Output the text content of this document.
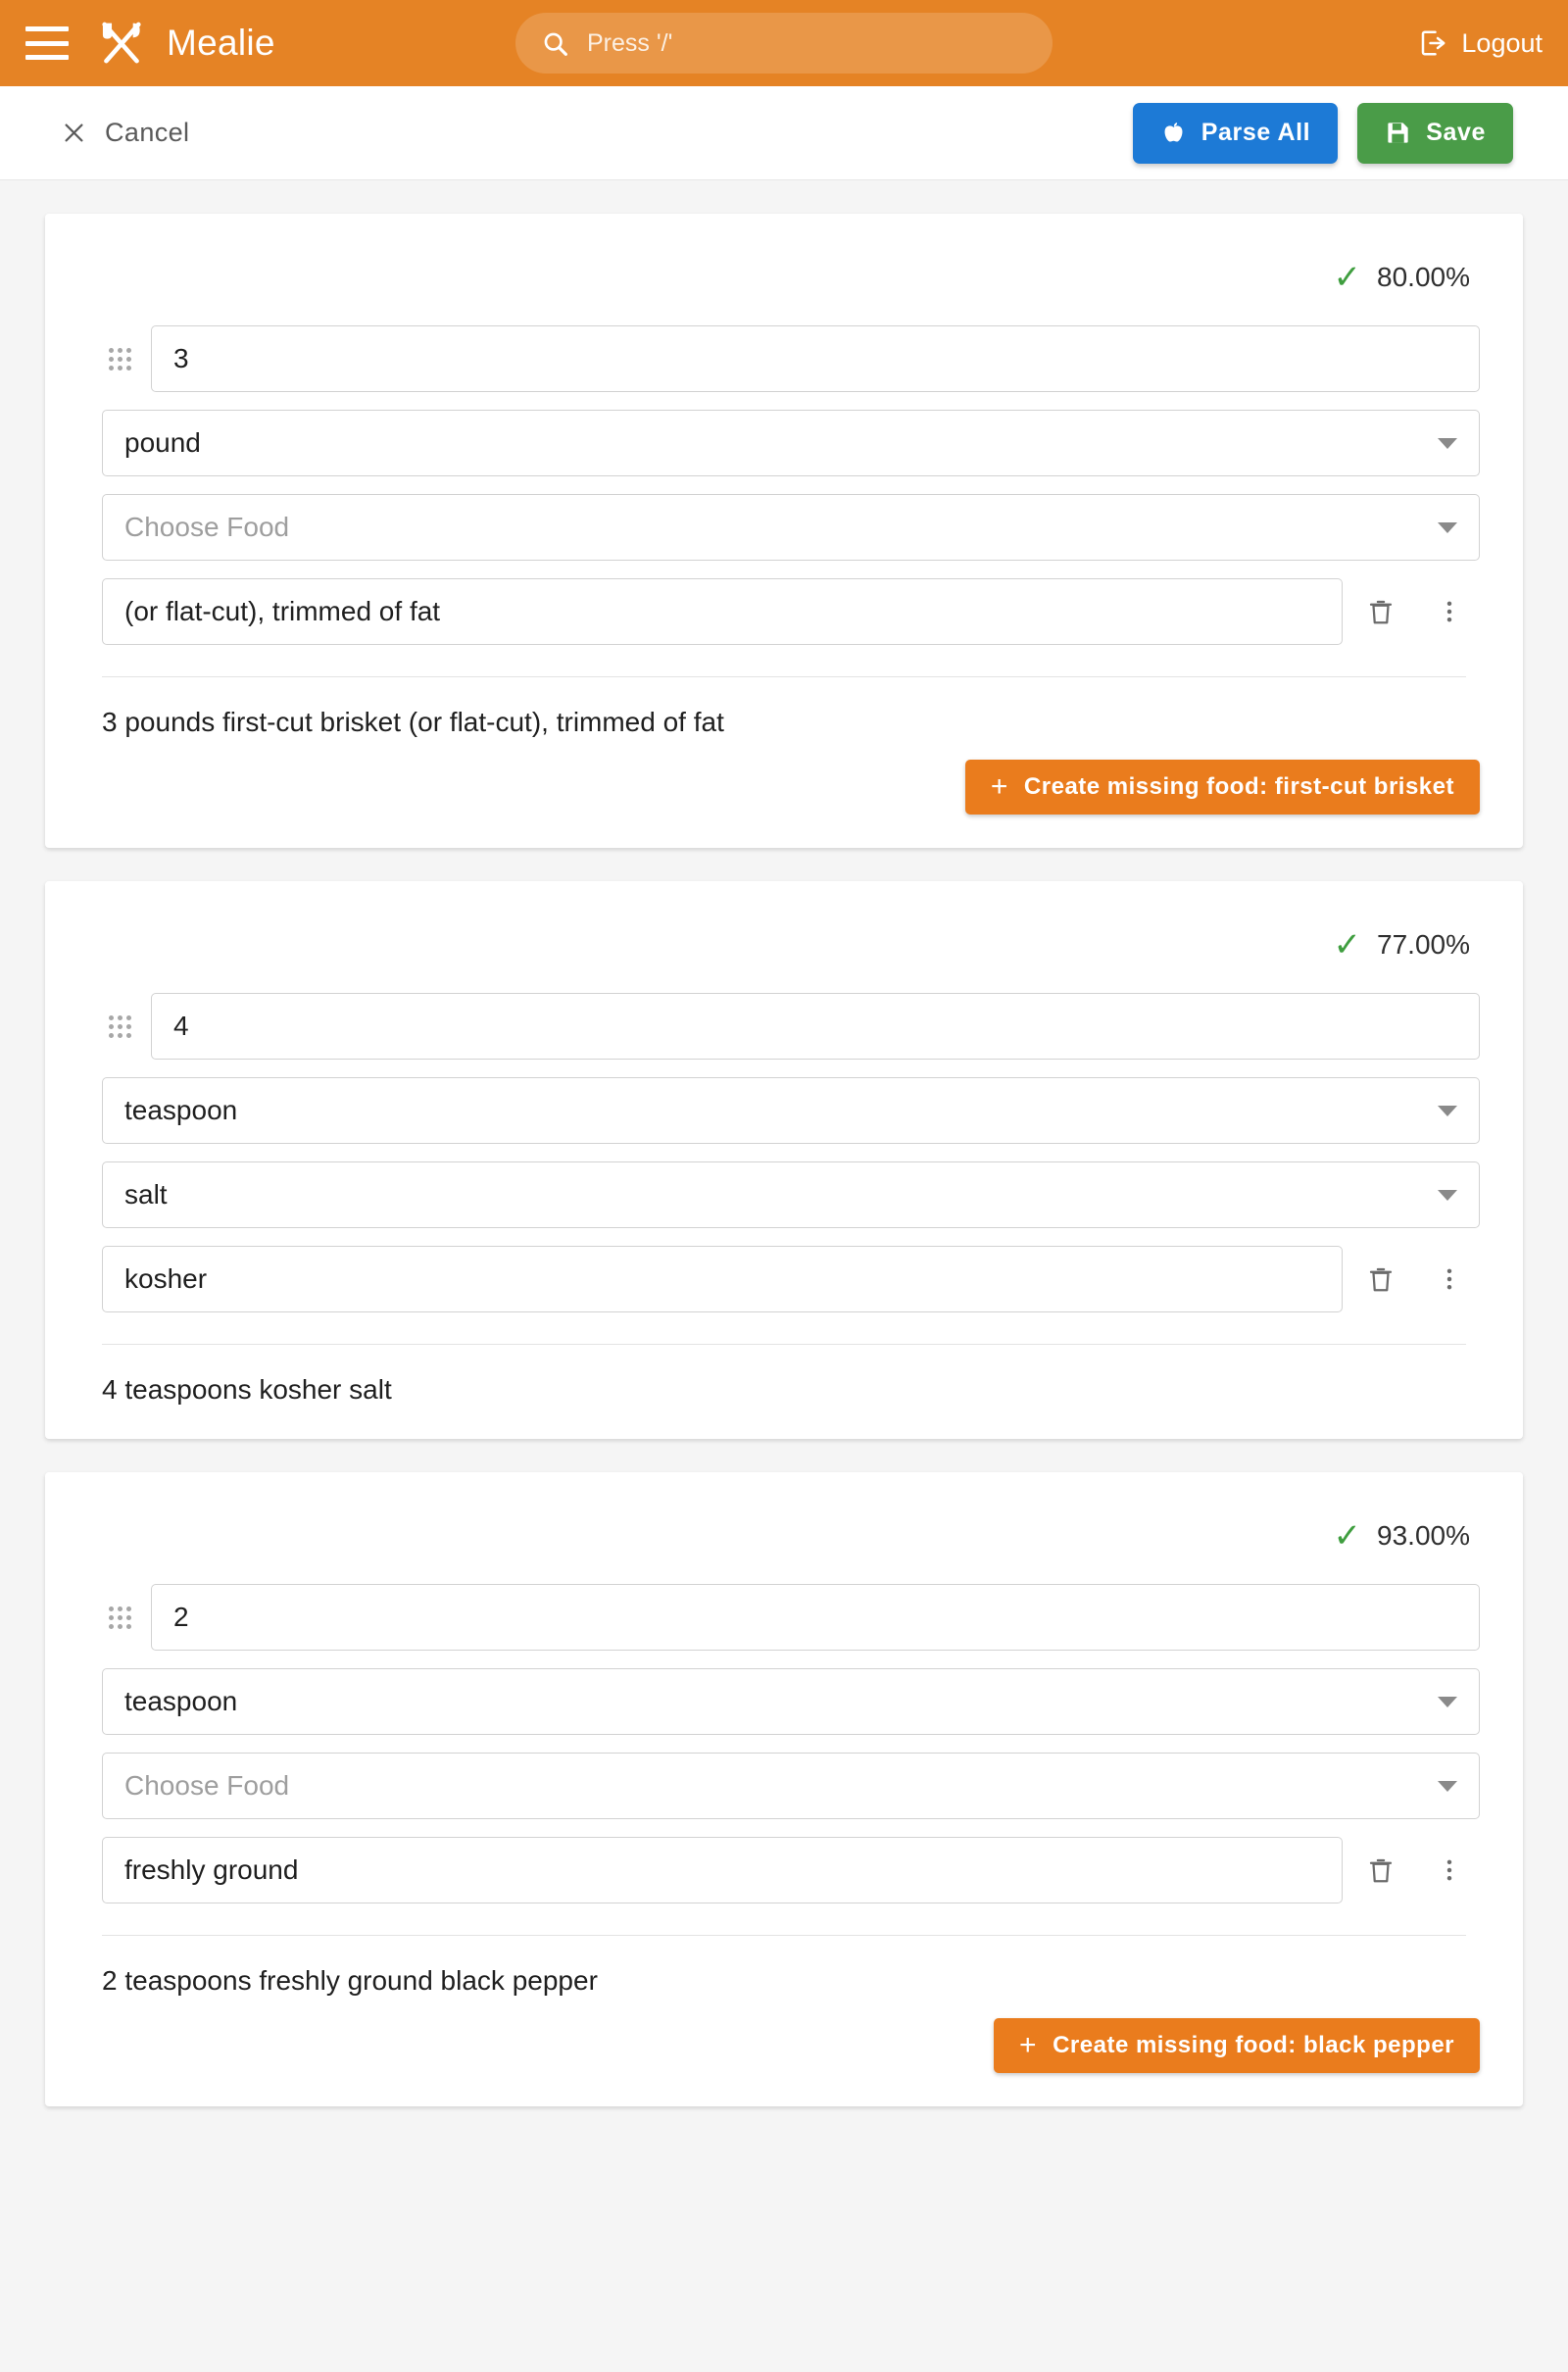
Mealie	Press '/'	Logout
Cancel	Parse All	Save
✓ 80.00%
3
pound
Choose Food
(or flat-cut), trimmed of fat
3 pounds first-cut brisket (or flat-cut), trimmed of fat
+ Create missing food: first-cut brisket
✓ 77.00%
4
teaspoon
salt
kosher
4 teaspoons kosher salt
✓ 93.00%
2
teaspoon
Choose Food
freshly ground
2 teaspoons freshly ground black pepper
+ Create missing food: black pepper
